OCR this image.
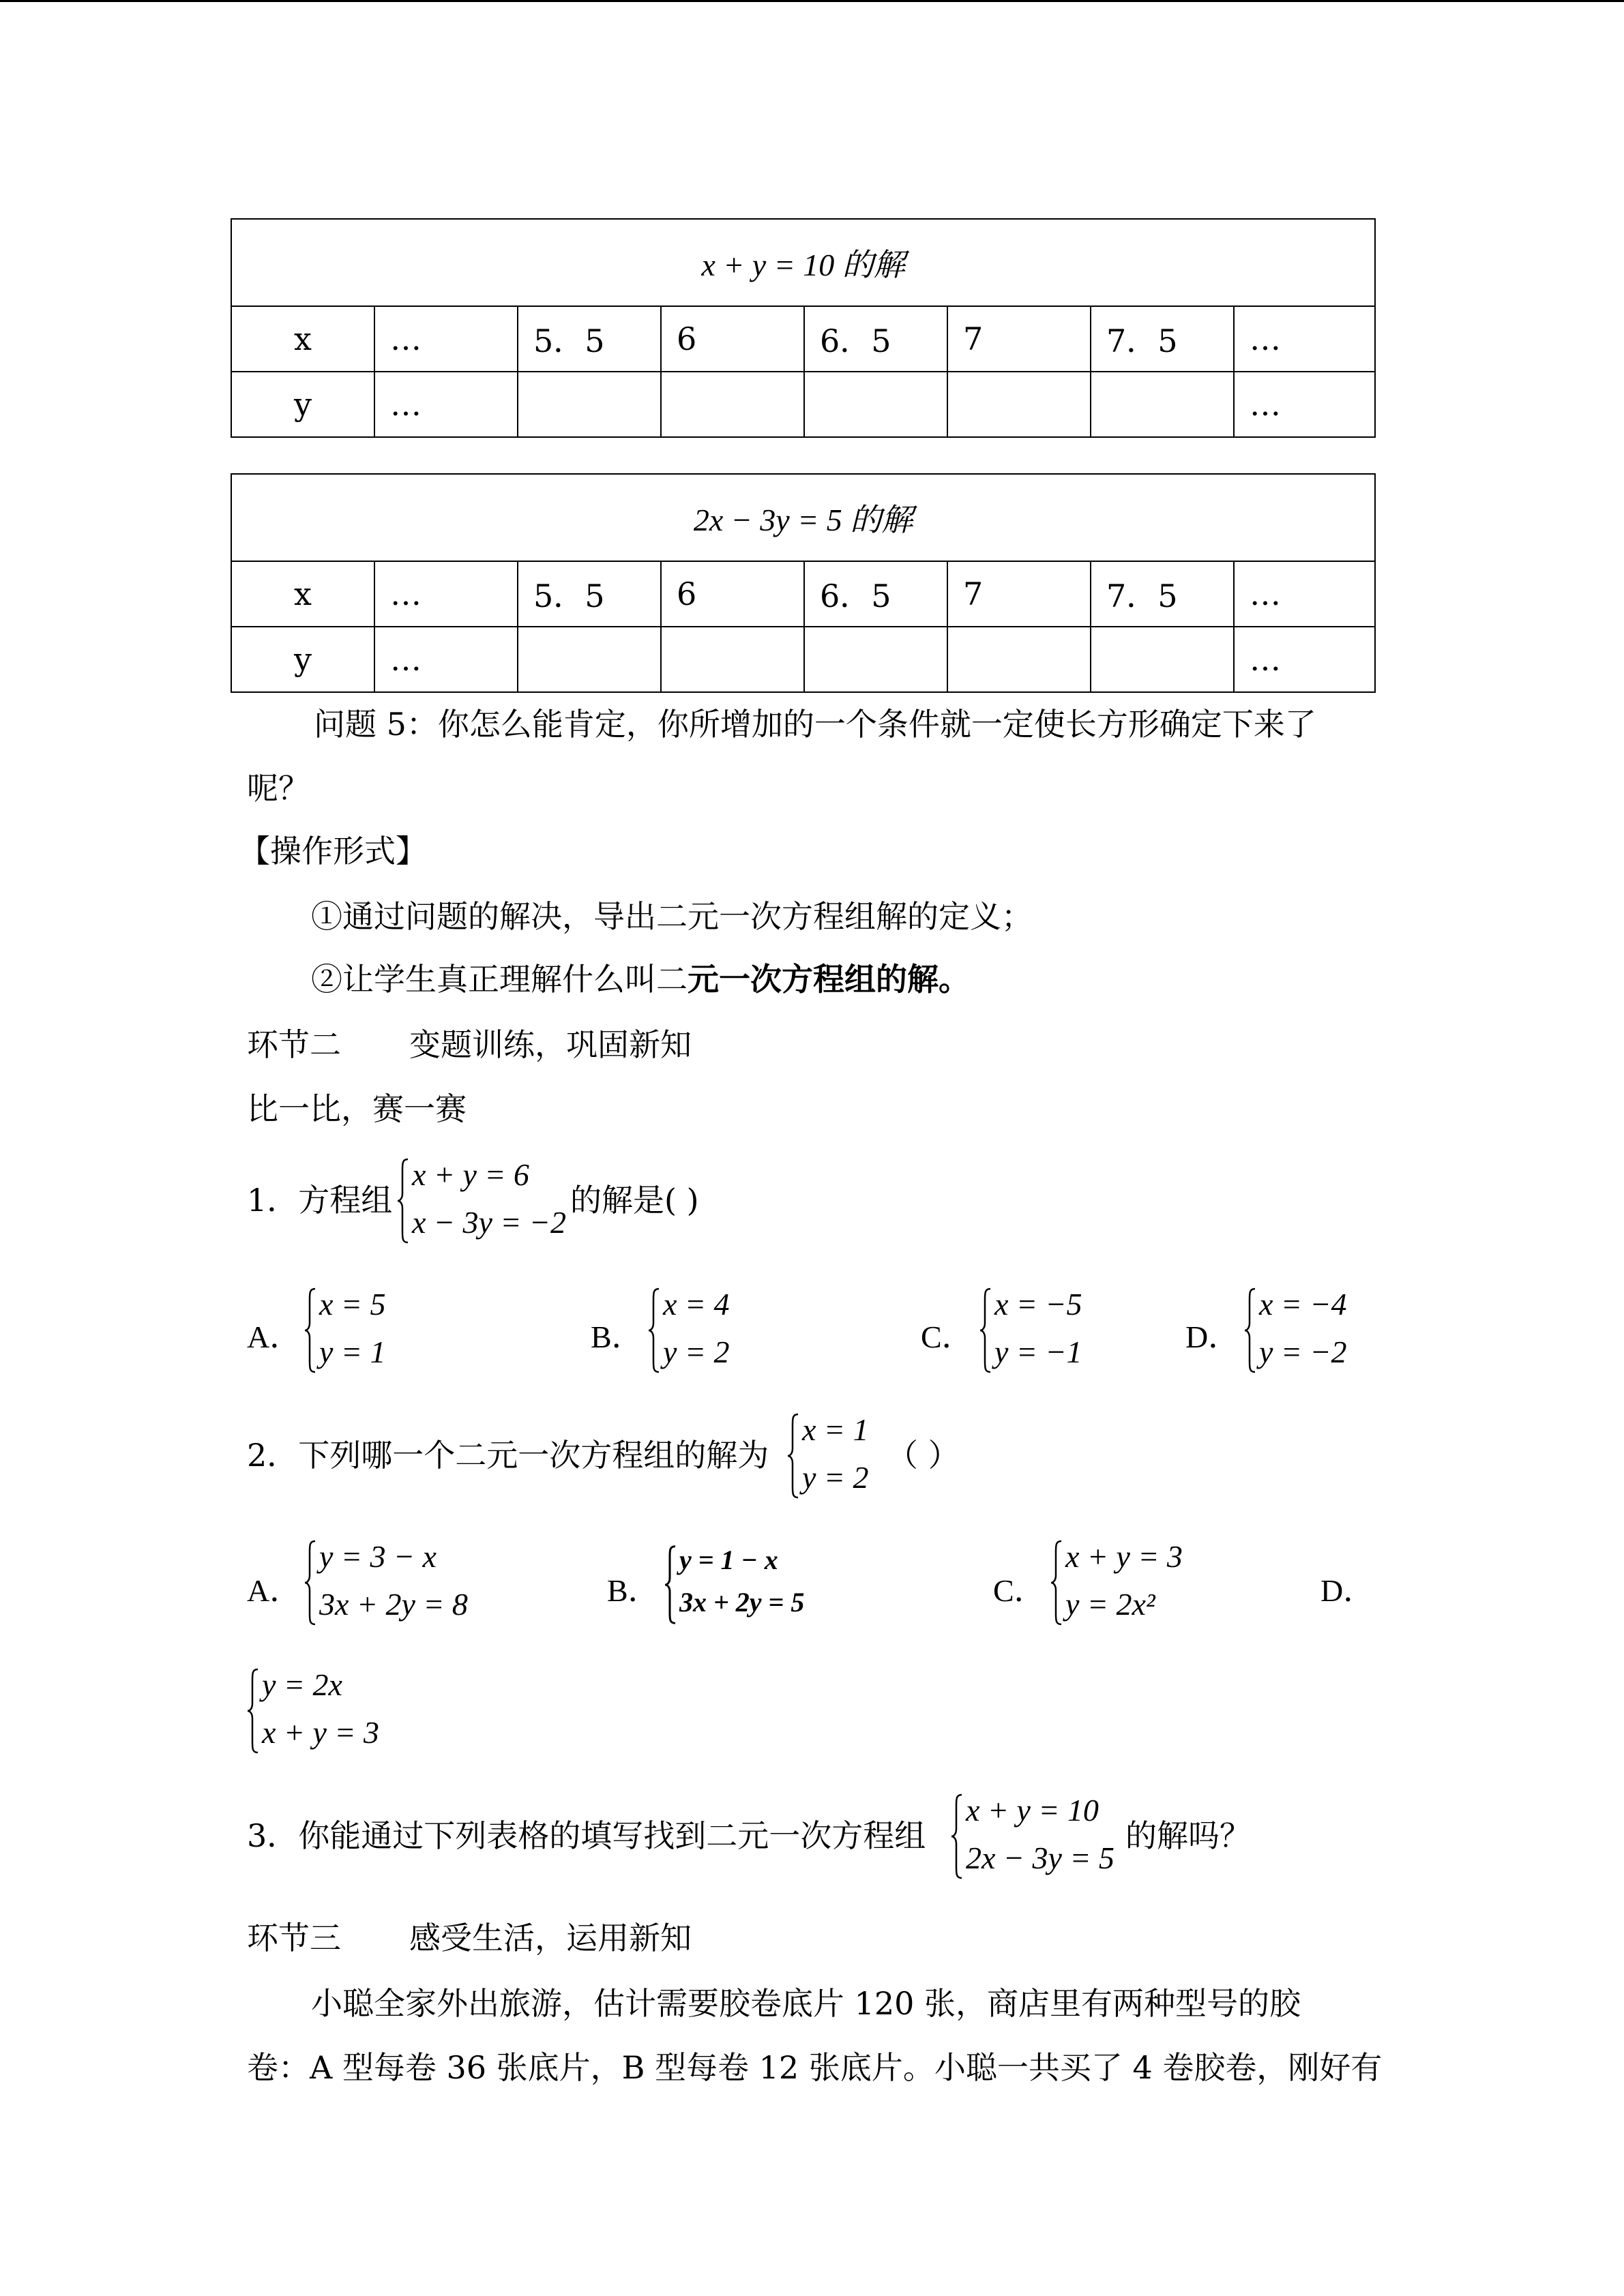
x + y = 10 的解							
x	…	5．5	6	6．5	7	7．5	…
y	…						…
2x − 3y = 5 的解							
x	…	5．5	6	6．5	7	7．5	…
y	…						…
问题 5：你怎么能肯定，你所增加的一个条件就一定使长方形确定下来了
呢？
【操作形式】
①通过问题的解决，导出二元一次方程组解的定义；
②让学生真正理解什么叫二元一次方程组的解。
环节二 变题训练，巩固新知
比一比，赛一赛
1．方程组
x + y = 6
x − 3y = −2
的解是( )
A．
x = 5
y = 1	B．
x = 4
y = 2	C．
x = −5
y = −1	D．
x = −4
y = −2
2．下列哪一个二元一次方程组的解为
x = 1
y = 2
（ ）
A．
y = 3 − x
3x + 2y = 8	B．
y = 1 − x
3x + 2y = 5	C．
x + y = 3
y = 2x²	D．
y = 2x
x + y = 3
3．你能通过下列表格的填写找到二元一次方程组
x + y = 10
2x − 3y = 5
的解吗？
环节三 感受生活，运用新知
小聪全家外出旅游，估计需要胶卷底片 120 张，商店里有两种型号的胶
卷：A 型每卷 36 张底片，B 型每卷 12 张底片。小聪一共买了 4 卷胶卷，刚好有
